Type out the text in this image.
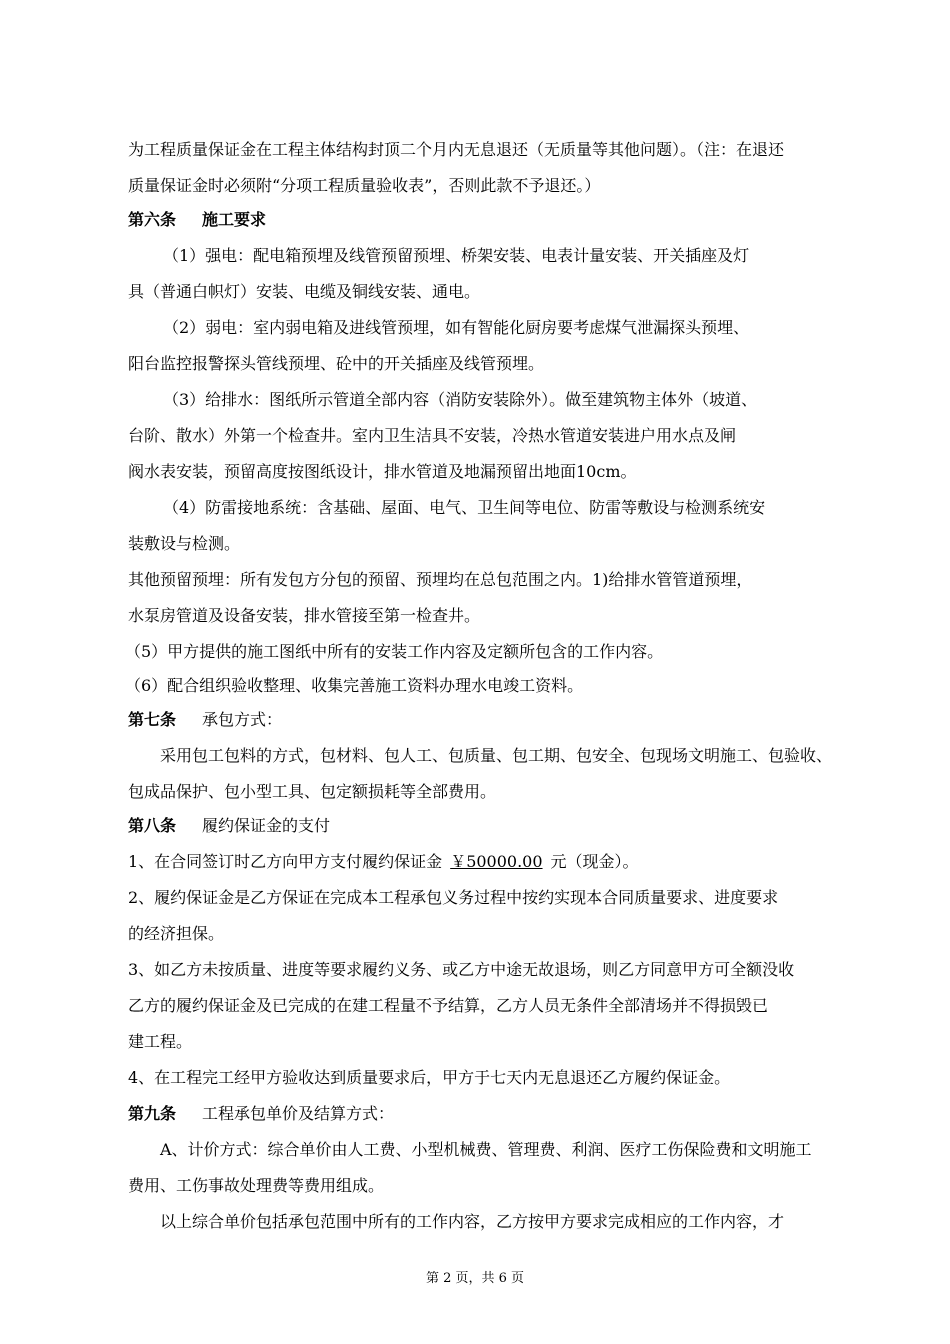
为工程质量保证金在工程主体结构封顶二个月内无息退还（无质量等其他问题）。（注：在退还
质量保证金时必须附“分项工程质量验收表”，否则此款不予退还。）
第六条 施工要求
（1）强电：配电箱预埋及线管预留预埋、桥架安装、电表计量安装、开关插座及灯
具（普通白帜灯）安装、电缆及铜线安装、通电。
（2）弱电：室内弱电箱及进线管预埋，如有智能化厨房要考虑煤气泄漏探头预埋、
阳台监控报警探头管线预埋、砼中的开关插座及线管预埋。
（3）给排水：图纸所示管道全部内容（消防安装除外）。做至建筑物主体外（坡道、
台阶、散水）外第一个检查井。室内卫生洁具不安装，冷热水管道安装进户用水点及闸
阀水表安装，预留高度按图纸设计，排水管道及地漏预留出地面10cm。
（4）防雷接地系统：含基础、屋面、电气、卫生间等电位、防雷等敷设与检测系统安
装敷设与检测。
其他预留预埋：所有发包方分包的预留、预埋均在总包范围之内。1)给排水管管道预埋，
水泵房管道及设备安装，排水管接至第一检查井。
（5）甲方提供的施工图纸中所有的安装工作内容及定额所包含的工作内容。
（6）配合组织验收整理、收集完善施工资料办理水电竣工资料。
第七条 承包方式：
采用包工包料的方式，包材料、包人工、包质量、包工期、包安全、包现场文明施工、包验收、
包成品保护、包小型工具、包定额损耗等全部费用。
第八条 履约保证金的支付
1、在合同签订时乙方向甲方支付履约保证金 ￥50000.00 元（现金）。
2、履约保证金是乙方保证在完成本工程承包义务过程中按约实现本合同质量要求、进度要求
的经济担保。
3、如乙方未按质量、进度等要求履约义务、或乙方中途无故退场，则乙方同意甲方可全额没收
乙方的履约保证金及已完成的在建工程量不予结算，乙方人员无条件全部清场并不得损毁已
建工程。
4、在工程完工经甲方验收达到质量要求后，甲方于七天内无息退还乙方履约保证金。
第九条 工程承包单价及结算方式：
A、计价方式：综合单价由人工费、小型机械费、管理费、利润、医疗工伤保险费和文明施工
费用、工伤事故处理费等费用组成。
以上综合单价包括承包范围中所有的工作内容，乙方按甲方要求完成相应的工作内容，才
第 2 页，共 6 页
